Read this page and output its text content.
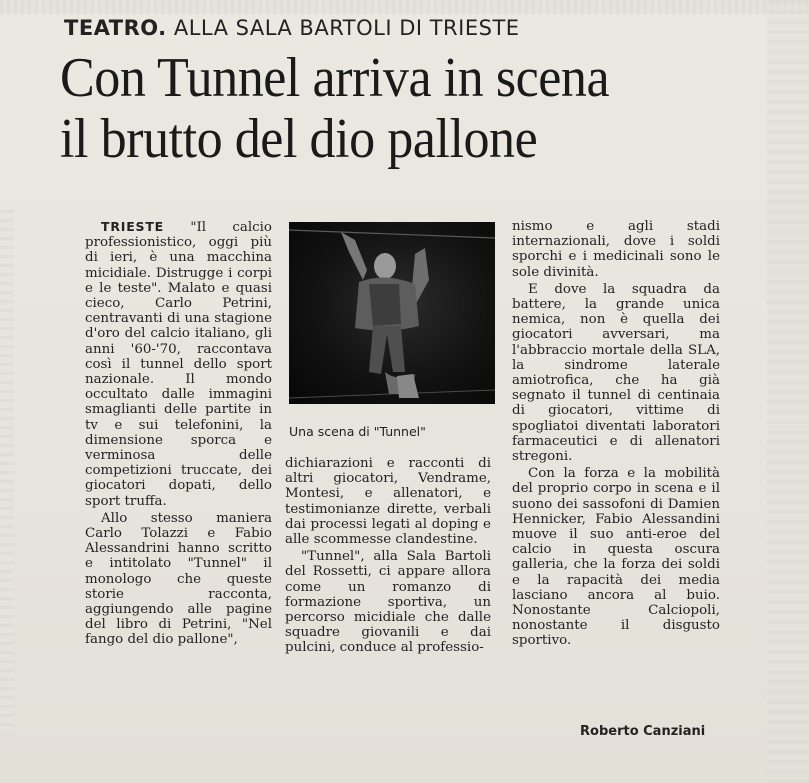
TEATRO. ALLA SALA BARTOLI DI TRIESTE
Con Tunnel arriva in scena
il brutto del dio pallone

TRIESTE "Il calcio professionistico, oggi più di ieri, è una macchina micidiale. Distrugge i corpi e le teste". Malato e quasi cieco, Carlo Petrini, centravanti di una stagione d'oro del calcio italiano, gli anni '60-'70, raccontava così il tunnel dello sport nazionale. Il mondo occultato dalle immagini smaglianti delle partite in tv e sui telefonini, la dimensione sporca e verminosa delle competizioni truccate, dei giocatori dopati, dello sport truffa.

Allo stesso maniera Carlo Tolazzi e Fabio Alessandrini hanno scritto e intitolato "Tunnel" il monologo che queste storie racconta, aggiungendo alle pagine del libro di Petrini, "Nel fango del dio pallone",

Una scena di "Tunnel"

dichiarazioni e racconti di altri giocatori, Vendrame, Montesi, e allenatori, e testimonianze dirette, verbali dai processi legati al doping e alle scommesse clandestine.

"Tunnel", alla Sala Bartoli del Rossetti, ci appare allora come un romanzo di formazione sportiva, un percorso micidiale che dalle squadre giovanili e dai pulcini, conduce al professio-

nismo e agli stadi internazionali, dove i soldi sporchi e i medicinali sono le sole divinità.

E dove la squadra da battere, la grande unica nemica, non è quella dei giocatori avversari, ma l'abbraccio mortale della SLA, la sindrome laterale amiotrofica, che ha già segnato il tunnel di centinaia di giocatori, vittime di spogliatoi diventati laboratori farmaceutici e di allenatori stregoni.

Con la forza e la mobilità del proprio corpo in scena e il suono dei sassofoni di Damien Hennicker, Fabio Alessandini muove il suo anti-eroe del calcio in questa oscura galleria, che la forza dei soldi e la rapacità dei media lasciano ancora al buio. Nonostante Calciopoli, nonostante il disgusto sportivo.

Roberto Canziani
